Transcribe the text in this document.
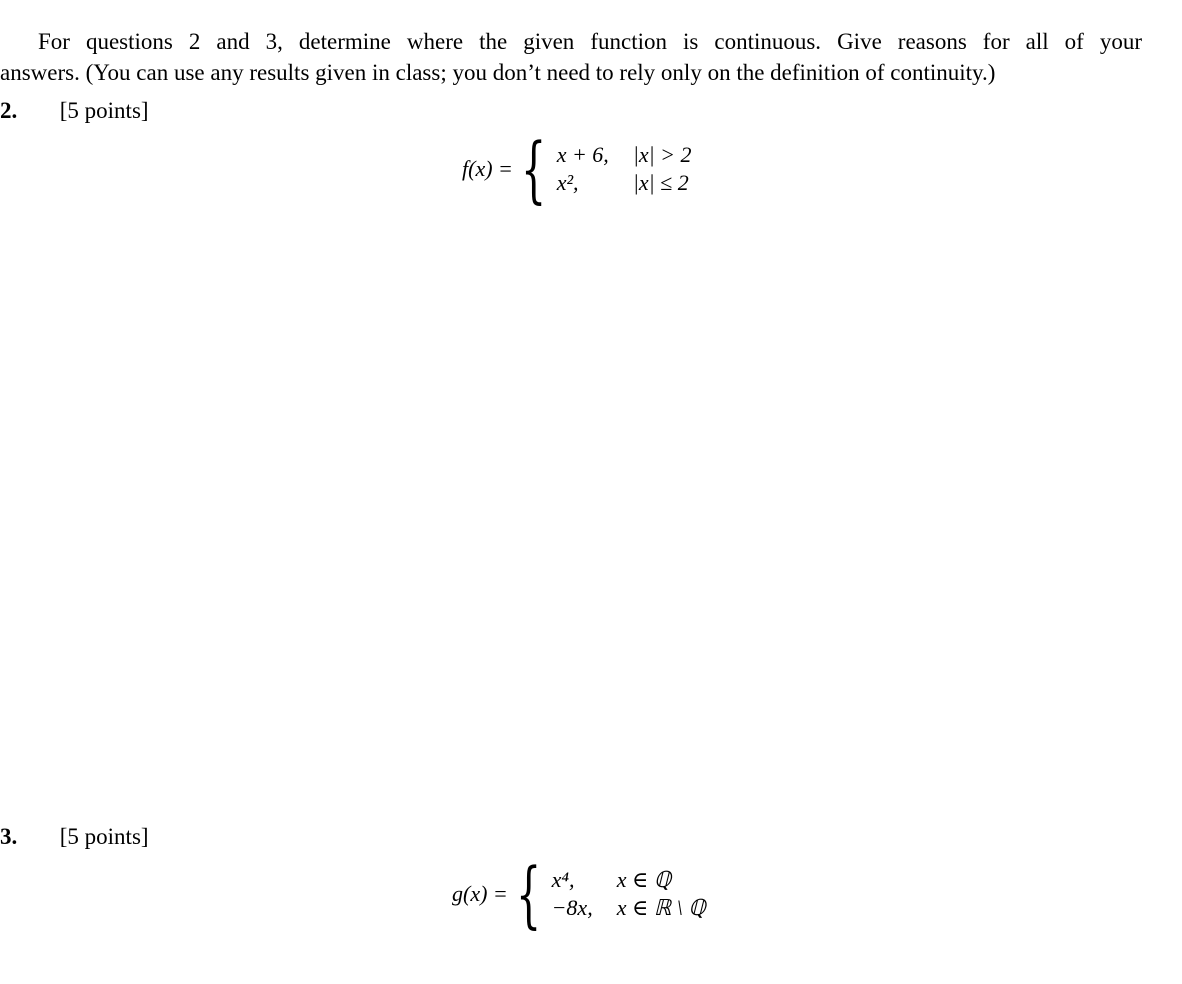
For questions 2 and 3, determine where the given function is continuous. Give reasons for all of your
answers. (You can use any results given in class; you don’t need to rely only on the definition of continuity.)
2. [5 points]
f(x) = { x + 6, |x| > 2
x²,	|x| ≤ 2
3. [5 points]
g(x) = { x⁴,	x ∈ ℚ
−8x, x ∈ ℝ \ ℚ
